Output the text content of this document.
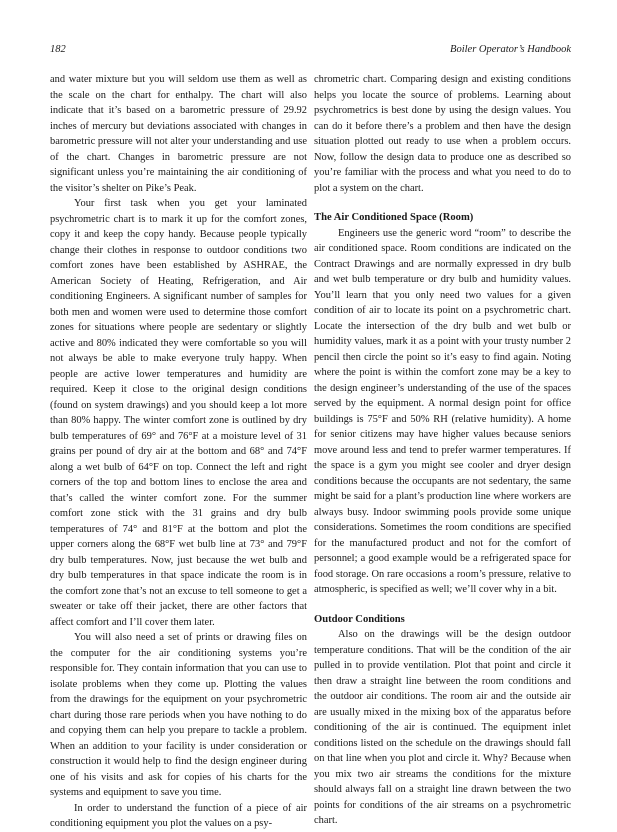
182	Boiler Operator’s Handbook

and water mixture but you will seldom use them as well as the scale on the chart for enthalpy. The chart will also indicate that it’s based on a barometric pressure of 29.92 inches of mercury but deviations associated with changes in barometric pressure will not alter your understanding and use of the chart. Changes in barometric pressure are not significant unless you’re maintaining the air conditioning of the visitor’s shelter on Pike’s Peak.

Your first task when you get your laminated psychrometric chart is to mark it up for the comfort zones, copy it and keep the copy handy. Because people typically change their clothes in response to outdoor conditions two comfort zones have been established by ASHRAE, the American Society of Heating, Refrigeration, and Air conditioning Engineers. A significant number of samples for both men and women were used to determine those comfort zones for situations where people are sedentary or slightly active and 80% indicated they were comfortable so you will not always be able to make everyone truly happy. When people are active lower temperatures and humidity are required. Keep it close to the original design conditions (found on system drawings) and you should keep a lot more than 80% happy. The winter comfort zone is outlined by dry bulb temperatures of 69° and 76°F at a moisture level of 31 grains per pound of dry air at the bottom and 68° and 74°F along a wet bulb of 64°F on top. Connect the left and right corners of the top and bottom lines to enclose the area and that’s called the winter comfort zone. For the summer comfort zone stick with the 31 grains and dry bulb temperatures of 74° and 81°F at the bottom and plot the upper corners along the 68°F wet bulb line at 73° and 79°F dry bulb temperatures. Now, just because the wet bulb and dry bulb temperatures in that space indicate the room is in the comfort zone that’s not an excuse to tell someone to get a sweater or take off their jacket, there are other factors that affect comfort and I’ll cover them later.

You will also need a set of prints or drawing files on the computer for the air conditioning systems you’re responsible for. They contain information that you can use to isolate problems when they come up. Plotting the values from the drawings for the equipment on your psychrometric chart during those rare periods when you have nothing to do and copying them can help you prepare to tackle a problem. When an addition to your facility is under consideration or construction it would help to find the design engineer during one of his visits and ask for copies of his charts for the systems and equipment to save you time.

In order to understand the function of a piece of air conditioning equipment you plot the values on a psy-

chrometric chart. Comparing design and existing conditions helps you locate the source of problems. Learning about psychrometrics is best done by using the design values. You can do it before there’s a problem and then have the design situation plotted out ready to use when a problem occurs. Now, follow the design data to produce one as described so you’re familiar with the process and what you need to do to plot a system on the chart.

The Air Conditioned Space (Room)

Engineers use the generic word “room” to describe the air conditioned space. Room conditions are indicated on the Contract Drawings and are normally expressed in dry bulb and wet bulb temperature or dry bulb and humidity values. You’ll learn that you only need two values for a given condition of air to locate its point on a psychrometric chart. Locate the intersection of the dry bulb and wet bulb or humidity values, mark it as a point with your trusty number 2 pencil then circle the point so it’s easy to find again. Noting where the point is within the comfort zone may be a key to the design engineer’s understanding of the use of the spaces served by the equipment. A normal design point for office buildings is 75°F and 50% RH (relative humidity). A home for senior citizens may have higher values because seniors move around less and tend to prefer warmer temperatures. If the space is a gym you might see cooler and dryer design conditions because the occupants are not sedentary, the same might be said for a plant’s production line where workers are always busy. Indoor swimming pools provide some unique considerations. Sometimes the room conditions are specified for the manufactured product and not for the comfort of personnel; a good example would be a refrigerated space for food storage. On rare occasions a room’s pressure, relative to atmospheric, is specified as well; we’ll cover why in a bit.

Outdoor Conditions

Also on the drawings will be the design outdoor temperature conditions. That will be the condition of the air pulled in to provide ventilation. Plot that point and circle it then draw a straight line between the room conditions and the outdoor air conditions. The room air and the outside air are usually mixed in the mixing box of the apparatus before conditioning of the air is continued. The equipment inlet conditions listed on the schedule on the drawings should fall on that line when you plot and circle it. Why? Because when you mix two air streams the conditions for the mixture should always fall on a straight line drawn between the two points for conditions of the air streams on a psychrometric chart.
